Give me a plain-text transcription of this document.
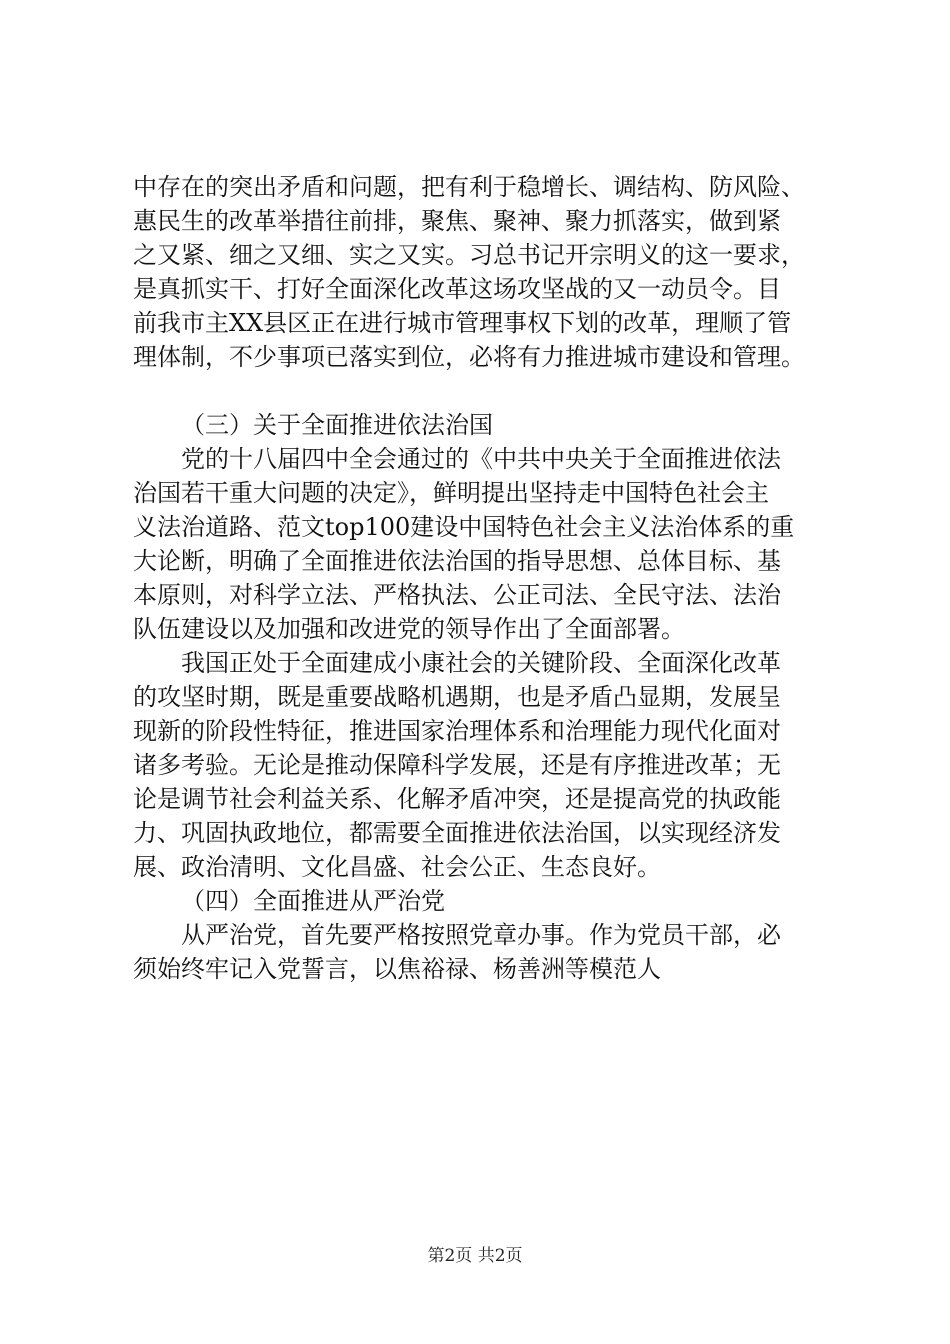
中存在的突出矛盾和问题，把有利于稳增长、调结构、防风险、
惠民生的改革举措往前排，聚焦、聚神、聚力抓落实，做到紧
之又紧、细之又细、实之又实。习总书记开宗明义的这一要求，
是真抓实干、打好全面深化改革这场攻坚战的又一动员令。目
前我市主XX县区正在进行城市管理事权下划的改革，理顺了管
理体制，不少事项已落实到位，必将有力推进城市建设和管理。
（三）关于全面推进依法治国
党的十八届四中全会通过的《中共中央关于全面推进依法
治国若干重大问题的决定》，鲜明提出坚持走中国特色社会主
义法治道路、范文top100建设中国特色社会主义法治体系的重
大论断，明确了全面推进依法治国的指导思想、总体目标、基
本原则，对科学立法、严格执法、公正司法、全民守法、法治
队伍建设以及加强和改进党的领导作出了全面部署。
我国正处于全面建成小康社会的关键阶段、全面深化改革
的攻坚时期，既是重要战略机遇期，也是矛盾凸显期，发展呈
现新的阶段性特征，推进国家治理体系和治理能力现代化面对
诸多考验。无论是推动保障科学发展，还是有序推进改革；无
论是调节社会利益关系、化解矛盾冲突，还是提高党的执政能
力、巩固执政地位，都需要全面推进依法治国，以实现经济发
展、政治清明、文化昌盛、社会公正、生态良好。
（四）全面推进从严治党
从严治党，首先要严格按照党章办事。作为党员干部，必
须始终牢记入党誓言，以焦裕禄、杨善洲等模范人
第2页 共2页
